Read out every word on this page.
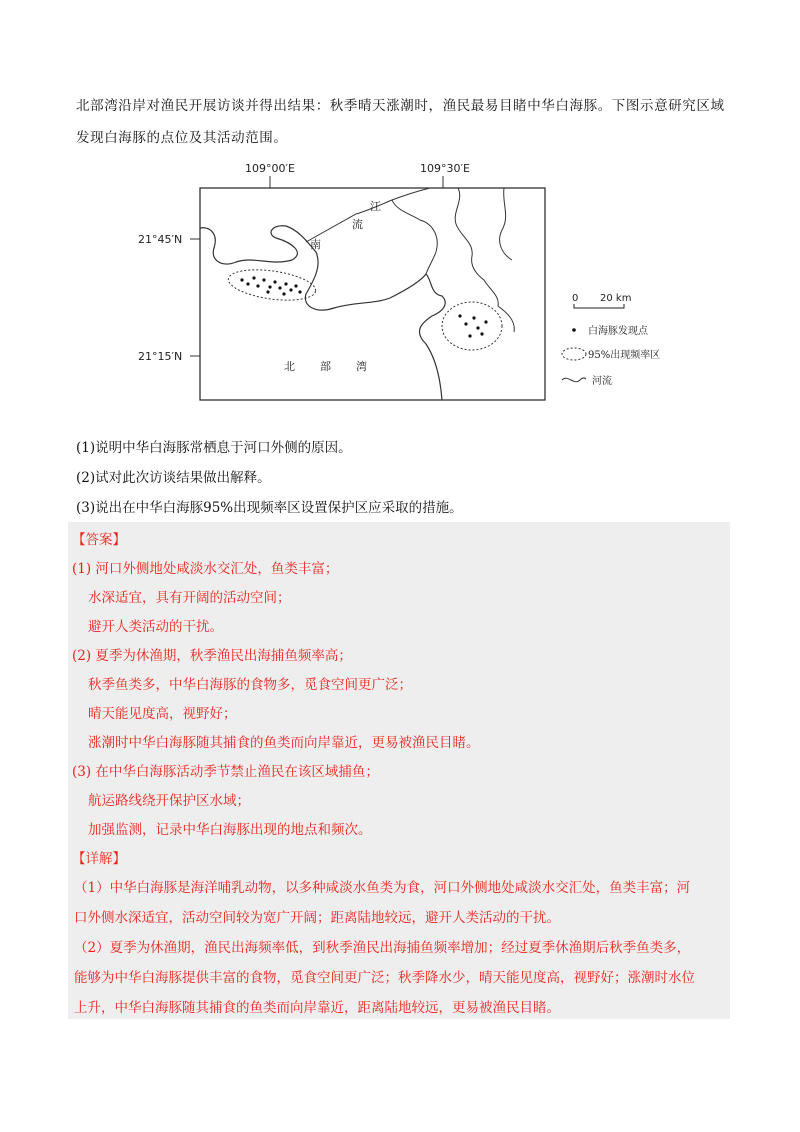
北部湾沿岸对渔民开展访谈并得出结果：秋季晴天涨潮时，渔民最易目睹中华白海豚。下图示意研究区域

发现白海豚的点位及其活动范围。

109°00′E	109°30′E
21°45′N
21°15′N
南
流
江
北 部 湾
0 20 km
白海豚发现点
95%出现频率区
河流
(1)说明中华白海豚常栖息于河口外侧的原因。
(2)试对此次访谈结果做出解释。
(3)说出在中华白海豚95%出现频率区设置保护区应采取的措施。
【答案】
(1) 河口外侧地处咸淡水交汇处，鱼类丰富；
水深适宜，具有开阔的活动空间；
避开人类活动的干扰。
(2) 夏季为休渔期，秋季渔民出海捕鱼频率高；
秋季鱼类多，中华白海豚的食物多，觅食空间更广泛；
晴天能见度高，视野好；
涨潮时中华白海豚随其捕食的鱼类而向岸靠近，更易被渔民目睹。
(3) 在中华白海豚活动季节禁止渔民在该区域捕鱼；
航运路线绕开保护区水域；
加强监测，记录中华白海豚出现的地点和频次。
【详解】
（1）中华白海豚是海洋哺乳动物，以多种咸淡水鱼类为食，河口外侧地处咸淡水交汇处，鱼类丰富；河
口外侧水深适宜，活动空间较为宽广开阔；距离陆地较远，避开人类活动的干扰。
（2）夏季为休渔期，渔民出海频率低，到秋季渔民出海捕鱼频率增加；经过夏季休渔期后秋季鱼类多，
能够为中华白海豚提供丰富的食物，觅食空间更广泛；秋季降水少，晴天能见度高，视野好；涨潮时水位
上升，中华白海豚随其捕食的鱼类而向岸靠近，距离陆地较远，更易被渔民目睹。
